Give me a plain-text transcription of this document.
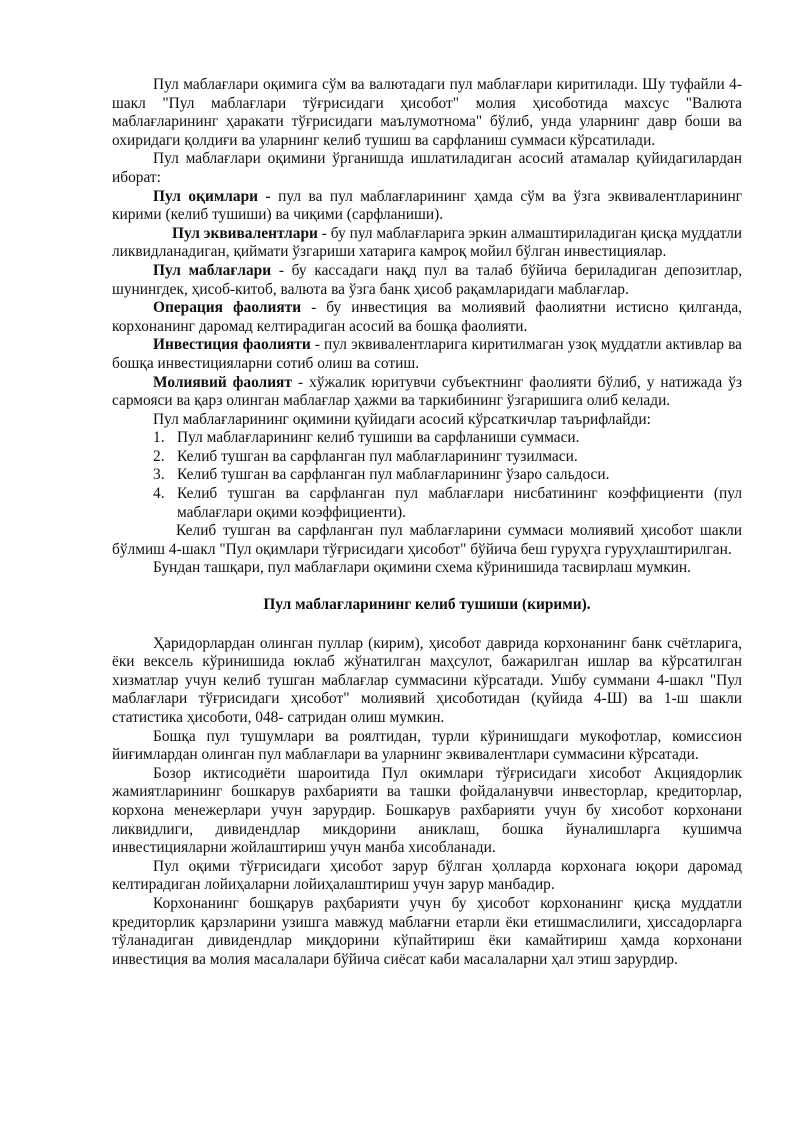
Пул маблағлари оқимига сўм ва валютадаги пул маблағлари киритилади. Шу туфайли 4-шакл "Пул маблағлари тўғрисидаги ҳисобот" молия ҳисоботида махсус "Валюта маблағларининг ҳаракати тўғрисидаги маълумотнома" бўлиб, унда уларнинг давр боши ва охиридаги қолдиғи ва уларнинг келиб тушиш ва сарфланиш суммаси кўрсатилади.

Пул маблағлари оқимини ўрганишда ишлатиладиган асосий атамалар қуйидагилардан иборат:

Пул оқимлари - пул ва пул маблағларининг ҳамда сўм ва ўзга эквивалентларининг кирими (келиб тушиши) ва чиқими (сарфланиши).

Пул эквивалентлари - бу пул маблағларига эркин алмаштириладиган қисқа муддатли ликвидланадиган, қиймати ўзгариши хатарига камроқ мойил бўлган инвестициялар.

Пул маблағлари - бу кассадаги нақд пул ва талаб бўйича бериладиган депозитлар, шунингдек, ҳисоб-китоб, валюта ва ўзга банк ҳисоб рақамларидаги маблағлар.

Операция фаолияти - бу инвестиция ва молиявий фаолиятни истисно қилганда, корхонанинг даромад келтирадиган асосий ва бошқа фаолияти.

Инвестиция фаолияти - пул эквивалентларига киритилмаган узоқ муддатли активлар ва бошқа инвестицияларни сотиб олиш ва сотиш.

Молиявий фаолият - хўжалик юритувчи субъектнинг фаолияти бўлиб, у натижада ўз сармояси ва қарз олинган маблағлар ҳажми ва таркибининг ўзгаришига олиб келади.

Пул маблағларининг оқимини қуйидаги асосий кўрсаткичлар таърифлайди:

1. Пул маблағларининг келиб тушиши ва сарфланиши суммаси.
2. Келиб тушган ва сарфланган пул маблағларининг тузилмаси.
3. Келиб тушган ва сарфланган пул маблағларининг ўзаро сальдоси.
4. Келиб тушган ва сарфланган пул маблағлари нисбатининг коэффициенти (пул маблағлари оқими коэффициенти).

Келиб тушган ва сарфланган пул маблағларини суммаси молиявий ҳисобот шакли бўлмиш 4-шакл "Пул оқимлари тўғрисидаги ҳисобот" бўйича беш гуруҳга гуруҳлаштирилган.

Бундан ташқари, пул маблағлари оқимини схема кўринишида тасвирлаш мумкин.

Пул маблағларининг келиб тушиши (кирими).

Ҳаридорлардан олинган пуллар (кирим), ҳисобот даврида корхонанинг банк счётларига, ёки вексель кўринишида юклаб жўнатилган маҳсулот, бажарилган ишлар ва кўрсатилган хизматлар учун келиб тушган маблағлар суммасини кўрсатади. Ушбу суммани 4-шакл "Пул маблағлари тўғрисидаги ҳисобот" молиявий ҳисоботидан (қуйида 4-Ш) ва 1-ш шакли статистика ҳисоботи, 048- сатридан олиш мумкин.

Бошқа пул тушумлари ва роялтидан, турли кўринишдаги мукофотлар, комиссион йиғимлардан олинган пул маблағлари ва уларнинг эквивалентлари суммасини кўрсатади.

Бозор иктисодиёти шароитида Пул окимлари тўғрисидаги хисобот Акциядорлик жамиятларининг бошкарув рахбарияти ва ташки фойдаланувчи инвесторлар, кредиторлар, корхона менежерлари учун зарурдир. Бошкарув рахбарияти учун бу хисобот корхонани ликвидлиги, дивидендлар микдорини аниклаш, бошка йуналишларга кушимча инвестицияларни жойлаштириш учун манба хисобланади.

Пул оқими тўғрисидаги ҳисобот зарур бўлган ҳолларда корхонага юқори даромад келтирадиган лойиҳаларни лойиҳалаштириш учун зарур манбадир.

Корхонанинг бошқарув раҳбарияти учун бу ҳисобот корхонанинг қисқа муддатли кредиторлик қарзларини узишга мавжуд маблағни етарли ёки етишмаслилиги, ҳиссадорларга тўланадиган дивидендлар миқдорини кўпайтириш ёки камайтириш ҳамда корхонани инвестиция ва молия масалалари бўйича сиёсат каби масалаларни ҳал этиш зарурдир.
